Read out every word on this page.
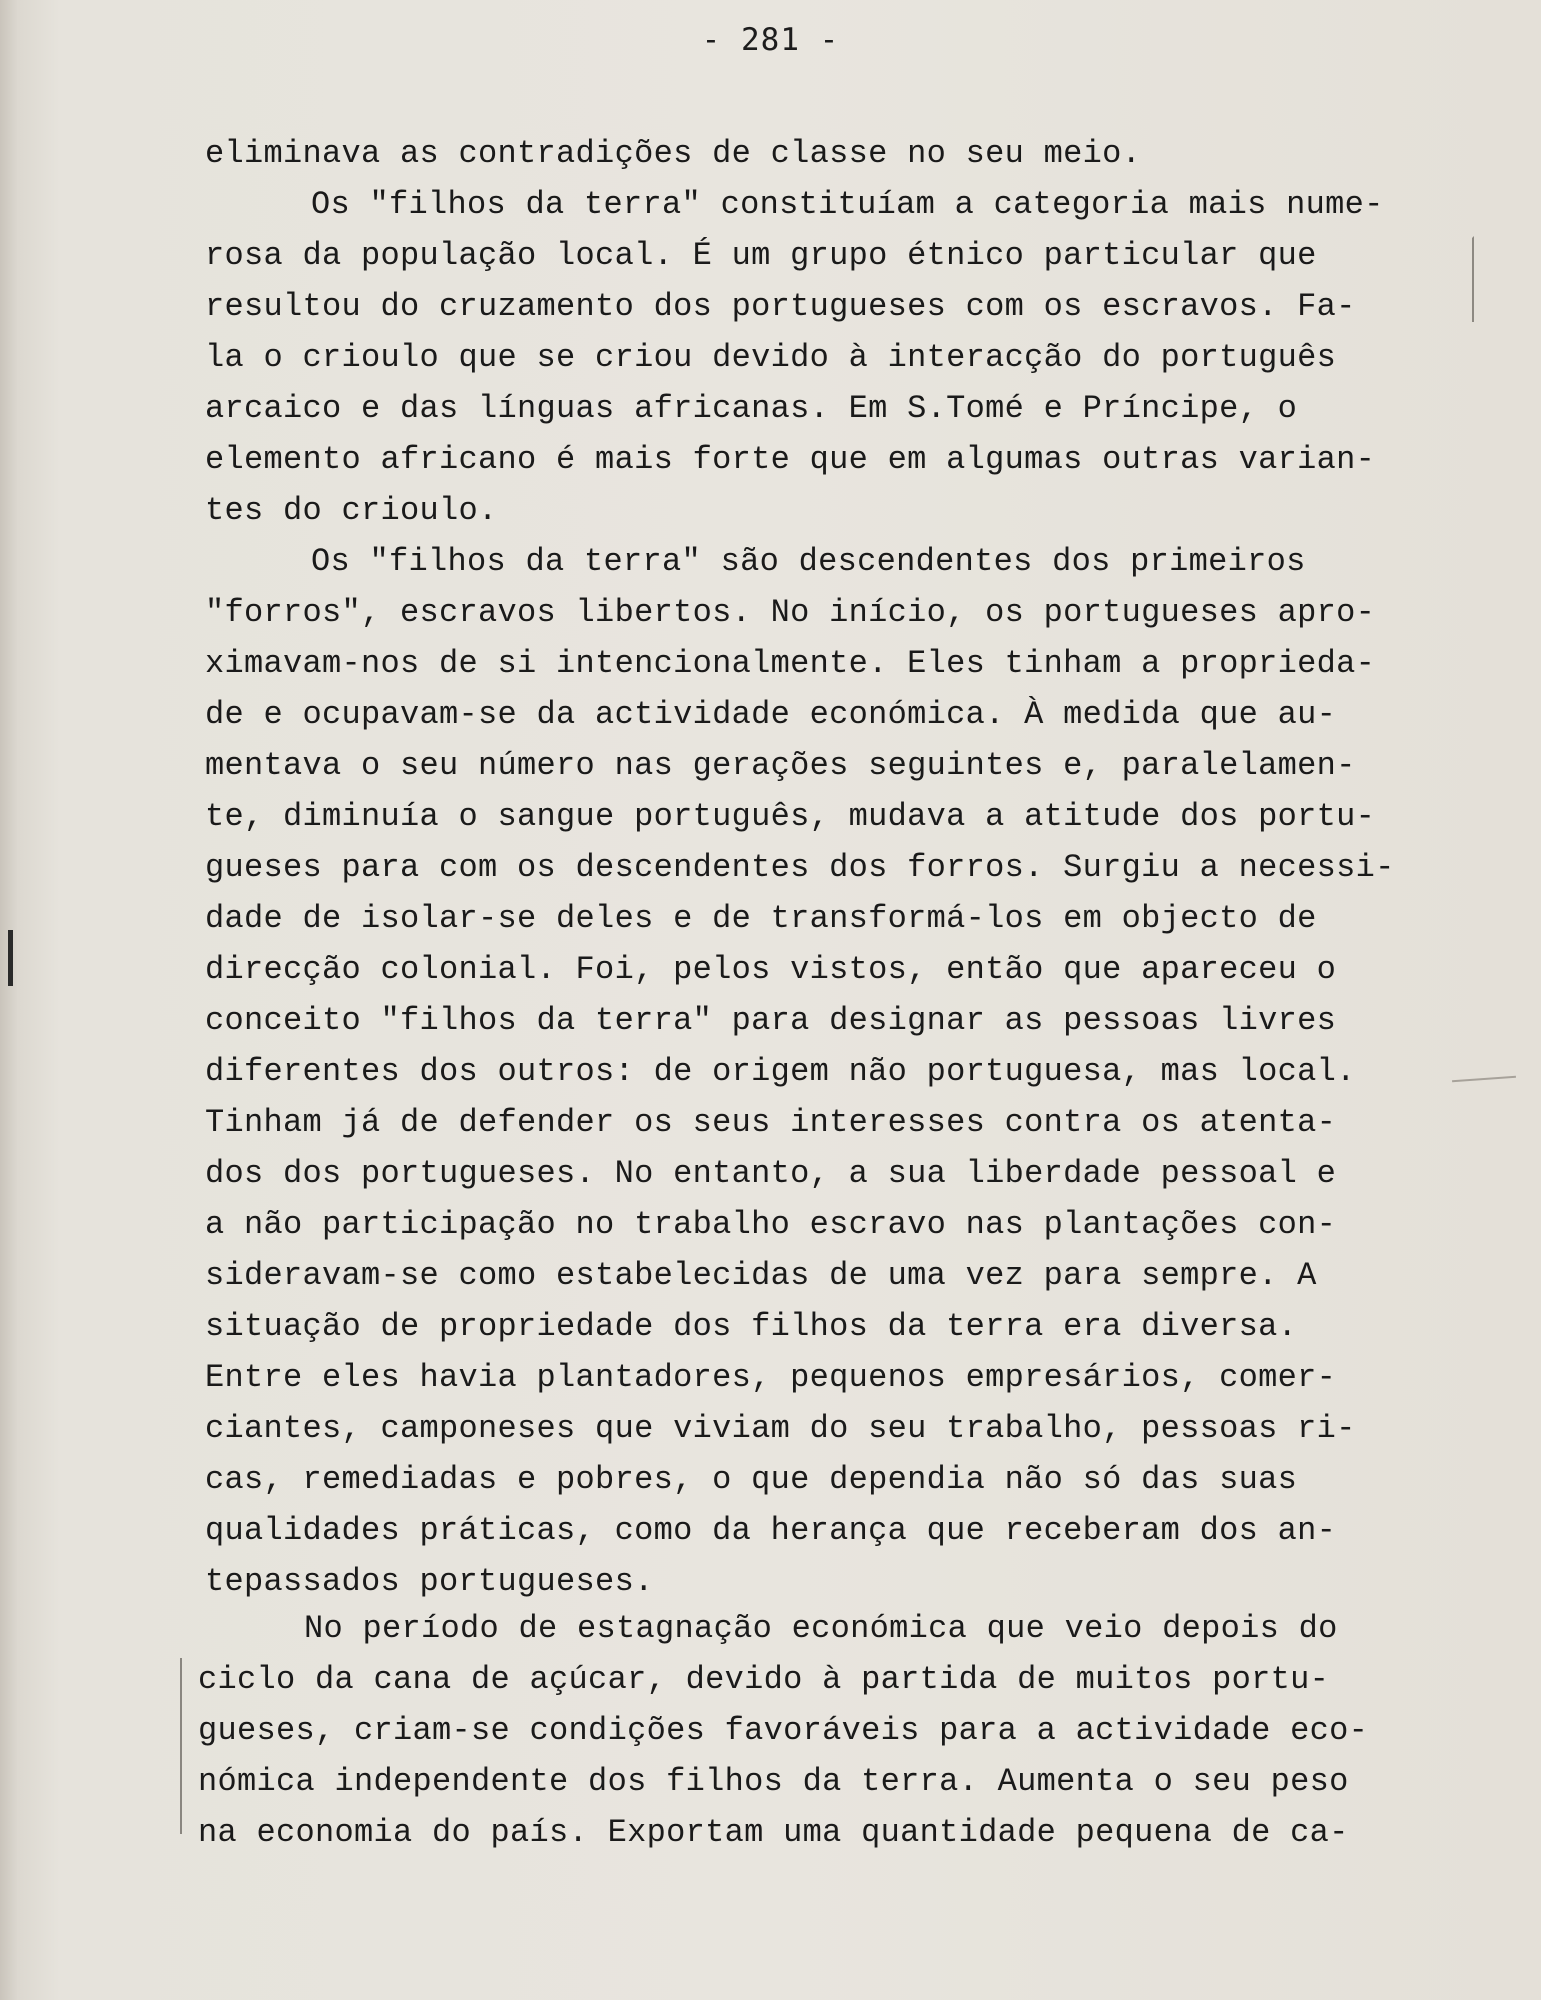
- 281 -
eliminava as contradições de classe no seu meio.
Os "filhos da terra" constituíam a categoria mais nume-
rosa da população local. É um grupo étnico particular que
resultou do cruzamento dos portugueses com os escravos. Fa-
la o crioulo que se criou devido à interacção do português
arcaico e das línguas africanas. Em S.Tomé e Príncipe, o
elemento africano é mais forte que em algumas outras varian-
tes do crioulo.
Os "filhos da terra" são descendentes dos primeiros
"forros", escravos libertos. No início, os portugueses apro-
ximavam-nos de si intencionalmente. Eles tinham a proprieda-
de e ocupavam-se da actividade económica. À medida que au-
mentava o seu número nas gerações seguintes e, paralelamen-
te, diminuía o sangue português, mudava a atitude dos portu-
gueses para com os descendentes dos forros. Surgiu a necessi-
dade de isolar-se deles e de transformá-los em objecto de
direcção colonial. Foi, pelos vistos, então que apareceu o
conceito "filhos da terra" para designar as pessoas livres
diferentes dos outros: de origem não portuguesa, mas local.
Tinham já de defender os seus interesses contra os atenta-
dos dos portugueses. No entanto, a sua liberdade pessoal e
a não participação no trabalho escravo nas plantações con-
sideravam-se como estabelecidas de uma vez para sempre. A
situação de propriedade dos filhos da terra era diversa.
Entre eles havia plantadores, pequenos empresários, comer-
ciantes, camponeses que viviam do seu trabalho, pessoas ri-
cas, remediadas e pobres, o que dependia não só das suas
qualidades práticas, como da herança que receberam dos an-
tepassados portugueses.
No período de estagnação económica que veio depois do
ciclo da cana de açúcar, devido à partida de muitos portu-
gueses, criam-se condições favoráveis para a actividade eco-
nómica independente dos filhos da terra. Aumenta o seu peso
na economia do país. Exportam uma quantidade pequena de ca-
